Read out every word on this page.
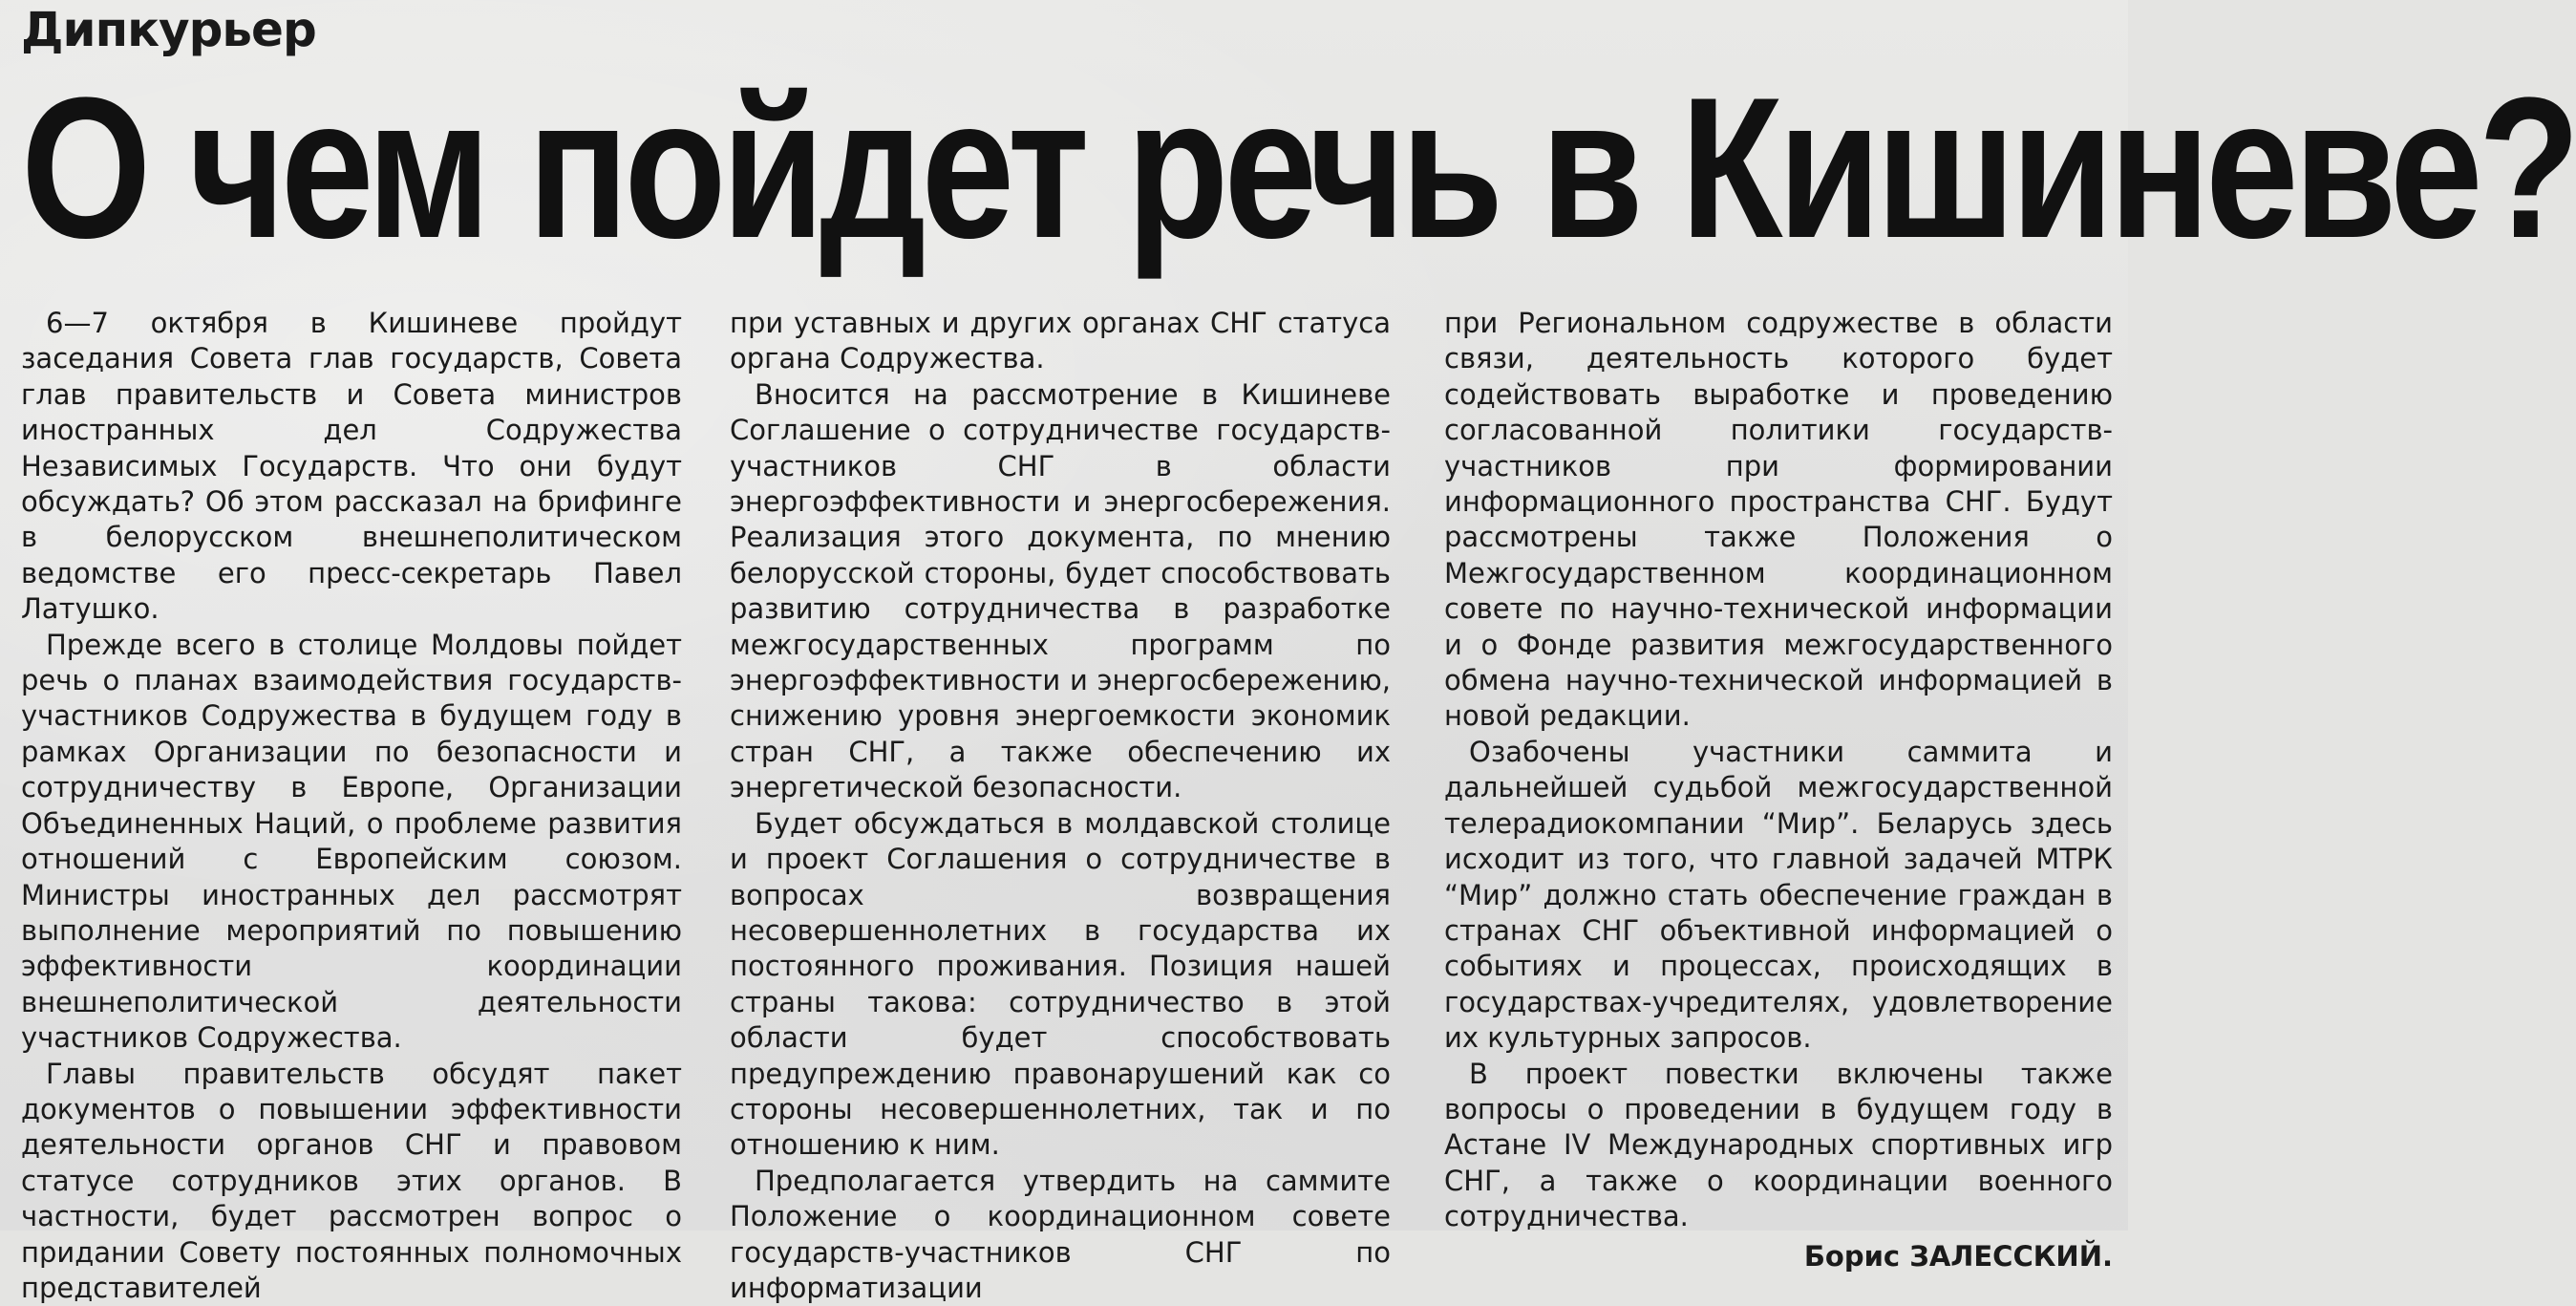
Дипкурьер
О чем пойдет речь в Кишиневе?

6—7 октября в Кишиневе пройдут заседания Совета глав государств, Совета глав правительств и Совета министров иностранных дел Содружества Независимых Государств. Что они будут обсуждать? Об этом рассказал на брифинге в белорусском внешнеполитическом ведомстве его пресс-секретарь Павел Латушко.

Прежде всего в столице Молдовы пойдет речь о планах взаимодействия государств-участников Содружества в будущем году в рамках Организации по безопасности и сотрудничеству в Европе, Организации Объединенных Наций, о проблеме развития отношений с Европейским союзом. Министры иностранных дел рассмотрят выполнение мероприятий по повышению эффективности координации внешнеполитической деятельности участников Содружества.

Главы правительств обсудят пакет документов о повышении эффективности деятельности органов СНГ и правовом статусе сотрудников этих органов. В частности, будет рассмотрен вопрос о придании Совету постоянных полномочных представителей

при уставных и других органах СНГ статуса органа Содружества.

Вносится на рассмотрение в Кишиневе Соглашение о сотрудничестве государств-участников СНГ в области энергоэффективности и энергосбережения. Реализация этого документа, по мнению белорусской стороны, будет способствовать развитию сотрудничества в разработке межгосударственных программ по энергоэффективности и энергосбережению, снижению уровня энергоемкости экономик стран СНГ, а также обеспечению их энергетической безопасности.

Будет обсуждаться в молдавской столице и проект Соглашения о сотрудничестве в вопросах возвращения несовершеннолетних в государства их постоянного проживания. Позиция нашей страны такова: сотрудничество в этой области будет способствовать предупреждению правонарушений как со стороны несовершеннолетних, так и по отношению к ним.

Предполагается утвердить на саммите Положение о координационном совете государств-участников СНГ по информатизации

при Региональном содружестве в области связи, деятельность которого будет содействовать выработке и проведению согласованной политики государств-участников при формировании информационного пространства СНГ. Будут рассмотрены также Положения о Межгосударственном координационном совете по научно-технической информации и о Фонде развития межгосударственного обмена научно-технической информацией в новой редакции.

Озабочены участники саммита и дальнейшей судьбой межгосударственной телерадиокомпании “Мир”. Беларусь здесь исходит из того, что главной задачей МТРК “Мир” должно стать обеспечение граждан в странах СНГ объективной информацией о событиях и процессах, происходящих в государствах-учредителях, удовлетворение их культурных запросов.

В проект повестки включены также вопросы о проведении в будущем году в Астане IV Международных спортивных игр СНГ, а также о координации военного сотрудничества.

Борис ЗАЛЕССКИЙ.
